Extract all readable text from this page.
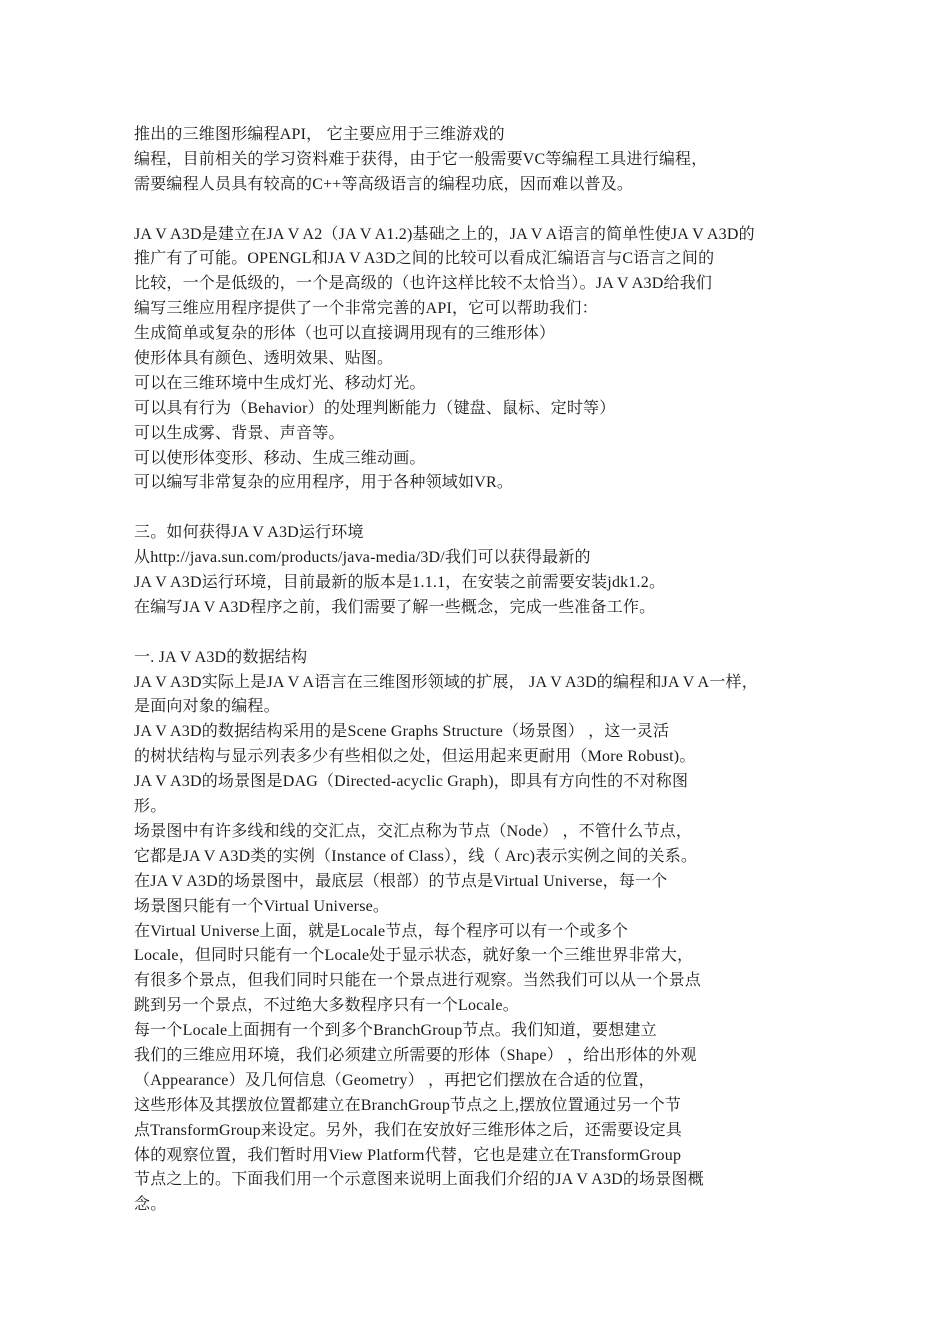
推出的三维图形编程API， 它主要应用于三维游戏的
编程，目前相关的学习资料难于获得，由于它一般需要VC等编程工具进行编程，
需要编程人员具有较高的C++等高级语言的编程功底，因而难以普及。
JA V A3D是建立在JA V A2（JA V A1.2)基础之上的，JA V A语言的简单性使JA V A3D的
推广有了可能。OPENGL和JA V A3D之间的比较可以看成汇编语言与C语言之间的
比较，一个是低级的，一个是高级的（也许这样比较不太恰当）。JA V A3D给我们
编写三维应用程序提供了一个非常完善的API，它可以帮助我们：
生成简单或复杂的形体（也可以直接调用现有的三维形体）
使形体具有颜色、透明效果、贴图。
可以在三维环境中生成灯光、移动灯光。
可以具有行为（Behavior）的处理判断能力（键盘、鼠标、定时等）
可以生成雾、背景、声音等。
可以使形体变形、移动、生成三维动画。
可以编写非常复杂的应用程序，用于各种领域如VR。
三。如何获得JA V A3D运行环境
从http://java.sun.com/products/java-media/3D/我们可以获得最新的
JA V A3D运行环境，目前最新的版本是1.1.1，在安装之前需要安装jdk1.2。
在编写JA V A3D程序之前，我们需要了解一些概念，完成一些准备工作。
一. JA V A3D的数据结构
JA V A3D实际上是JA V A语言在三维图形领域的扩展， JA V A3D的编程和JA V A一样，
是面向对象的编程。
JA V A3D的数据结构采用的是Scene Graphs Structure（场景图） ，这一灵活
的树状结构与显示列表多少有些相似之处，但运用起来更耐用（More Robust)。
JA V A3D的场景图是DAG（Directed-acyclic Graph)，即具有方向性的不对称图
形。
场景图中有许多线和线的交汇点，交汇点称为节点（Node） ，不管什么节点，
它都是JA V A3D类的实例（Instance of Class），线（ Arc)表示实例之间的关系。
在JA V A3D的场景图中，最底层（根部）的节点是Virtual Universe，每一个
场景图只能有一个Virtual Universe。
在Virtual Universe上面，就是Locale节点，每个程序可以有一个或多个
Locale，但同时只能有一个Locale处于显示状态，就好象一个三维世界非常大，
有很多个景点，但我们同时只能在一个景点进行观察。当然我们可以从一个景点
跳到另一个景点，不过绝大多数程序只有一个Locale。
每一个Locale上面拥有一个到多个BranchGroup节点。我们知道，要想建立
我们的三维应用环境，我们必须建立所需要的形体（Shape） ，给出形体的外观
（Appearance）及几何信息（Geometry） ，再把它们摆放在合适的位置，
这些形体及其摆放位置都建立在BranchGroup节点之上,摆放位置通过另一个节
点TransformGroup来设定。另外，我们在安放好三维形体之后，还需要设定具
体的观察位置，我们暂时用View Platform代替，它也是建立在TransformGroup
节点之上的。下面我们用一个示意图来说明上面我们介绍的JA V A3D的场景图概
念。
